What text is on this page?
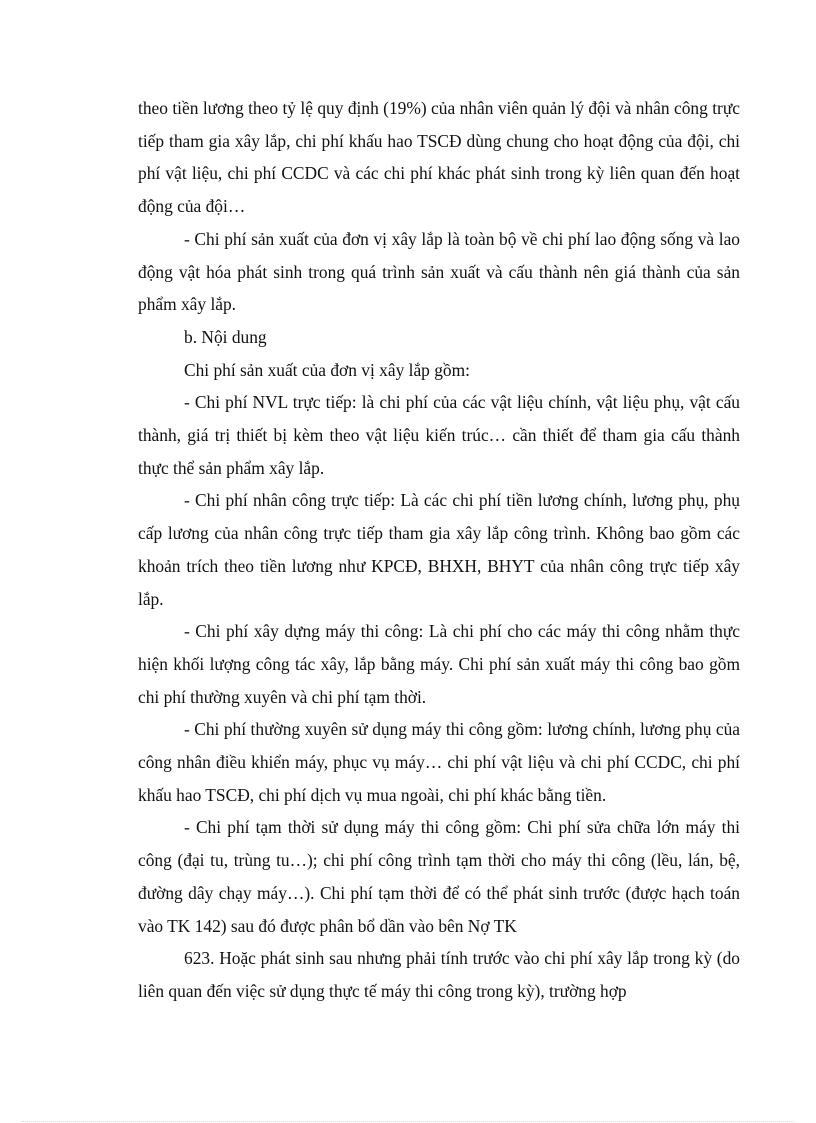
theo tiền lương theo tỷ lệ quy định (19%) của nhân viên quản lý đội và nhân công trực tiếp tham gia xây lắp, chi phí khấu hao TSCĐ dùng chung cho hoạt động của đội, chi phí vật liệu, chi phí CCDC và các chi phí khác phát sinh trong kỳ liên quan đến hoạt động của đội…

- Chi phí sản xuất của đơn vị xây lắp là toàn bộ về chi phí lao động sống và lao động vật hóa phát sinh trong quá trình sản xuất và cấu thành nên giá thành của sản phẩm xây lắp.

b. Nội dung

Chi phí sản xuất của đơn vị xây lắp gồm:

- Chi phí NVL trực tiếp: là chi phí của các vật liệu chính, vật liệu phụ, vật cấu thành, giá trị thiết bị kèm theo vật liệu kiến trúc… cần thiết để tham gia cấu thành thực thể sản phẩm xây lắp.

- Chi phí nhân công trực tiếp: Là các chi phí tiền lương chính, lương phụ, phụ cấp lương của nhân công trực tiếp tham gia xây lắp công trình. Không bao gồm các khoản trích theo tiền lương như KPCĐ, BHXH, BHYT của nhân công trực tiếp xây lắp.

- Chi phí xây dựng máy thi công: Là chi phí cho các máy thi công nhằm thực hiện khối lượng công tác xây, lắp bằng máy. Chi phí sản xuất máy thi công bao gồm chi phí thường xuyên và chi phí tạm thời.

- Chi phí thường xuyên sử dụng máy thi công gồm: lương chính, lương phụ của công nhân điều khiển máy, phục vụ máy… chi phí vật liệu và chi phí CCDC, chi phí khấu hao TSCĐ, chi phí dịch vụ mua ngoài, chi phí khác bằng tiền.

- Chi phí tạm thời sử dụng máy thi công gồm: Chi phí sửa chữa lớn máy thi công (đại tu, trùng tu…); chi phí công trình tạm thời cho máy thi công (lều, lán, bệ, đường dây chạy máy…). Chi phí tạm thời để có thể phát sinh trước (được hạch toán vào TK 142) sau đó được phân bổ dần vào bên Nợ TK

623. Hoặc phát sinh sau nhưng phải tính trước vào chi phí xây lắp trong kỳ (do liên quan đến việc sử dụng thực tế máy thi công trong kỳ), trường hợp
